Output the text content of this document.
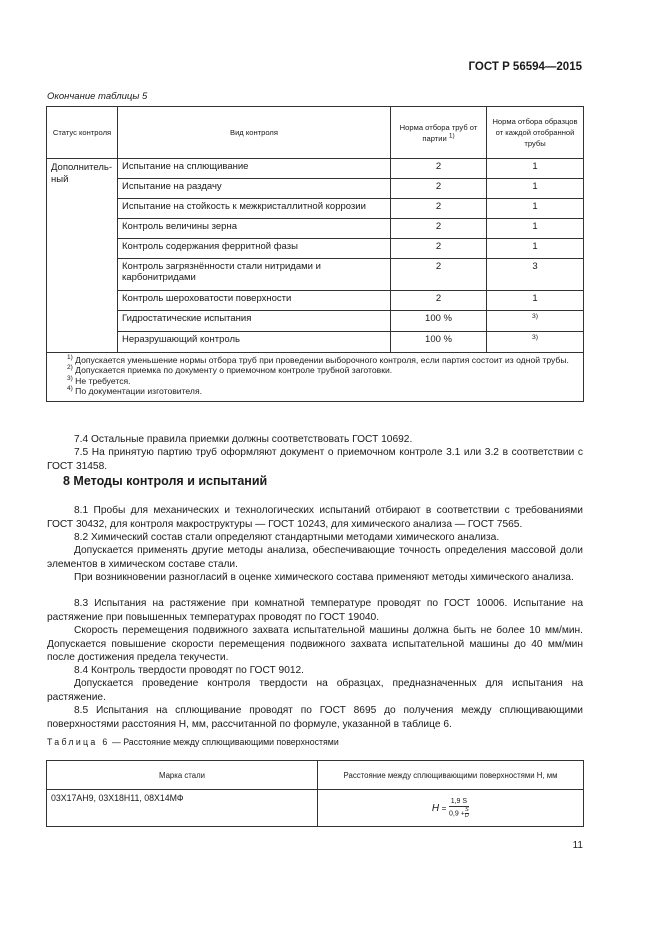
ГОСТ Р 56594—2015
Окончание таблицы 5
Статус контроля	Вид контроля	Норма отбора труб от партии $^{1)}$	Норма отбора образцов от каждой отобранной трубы
Дополнитель-ный	Испытание на сплющивание	2	1
	Испытание на раздачу	2	1
	Испытание на стойкость к межкристаллитной коррозии	2	1
	Контроль величины зерна	2	1
	Контроль содержания ферритной фазы	2	1
	Контроль загрязнённости стали нитридами и карбонитридами	2	3
	Контроль шероховатости поверхности	2	1
	Гидростатические испытания	100 %	3)
	Неразрушающий контроль	100 %	3)

$^{1)}$ Допускается уменьшение нормы отбора труб при проведении выборочного контроля, если партия состоит из одной трубы.
$^{2)}$ Допускается приемка по документу о приемочном контроле трубной заготовки.
$^{3)}$ Не требуется.
$^{4)}$ По документации изготовителя.			
7.4 Остальные правила приемки должны соответствовать ГОСТ 10692.
7.5 На принятую партию труб оформляют документ о приемочном контроле 3.1 или 3.2 в соответствии с ГОСТ 31458.
8 Методы контроля и испытаний
8.1 Пробы для механических и технологических испытаний отбирают в соответствии с требованиями ГОСТ 30432, для контроля макроструктуры — ГОСТ 10243, для химического анализа — ГОСТ 7565.
8.2 Химический состав стали определяют стандартными методами химического анализа.
Допускается применять другие методы анализа, обеспечивающие точность определения массовой доли элементов в химическом составе стали.
При возникновении разногласий в оценке химического состава применяют методы химического анализа.
8.3 Испытания на растяжение при комнатной температуре проводят по ГОСТ 10006. Испытание на растяжение при повышенных температурах проводят по ГОСТ 19040.
Скорость перемещения подвижного захвата испытательной машины должна быть не более 10 мм/мин. Допускается повышение скорости перемещения подвижного захвата испытательной машины до 40 мм/мин после достижения предела текучести.
8.4 Контроль твердости проводят по ГОСТ 9012.
Допускается проведение контроля твердости на образцах, предназначенных для испытания на растяжение.
8.5 Испытания на сплющивание проводят по ГОСТ 8695 до получения между сплющивающими поверхностями расстояния Н, мм, рассчитанной по формуле, указанной в таблице 6.
Таблица 6 — Расстояние между сплющивающими поверхностями
Марка стали	Расстояние между сплющивающими поверхностями H, мм
03Х17АН9, 03Х18Н11, 08Х14МФ	$H = \frac{1,9 S}{0,9 + \frac{S}{D}}$
11
